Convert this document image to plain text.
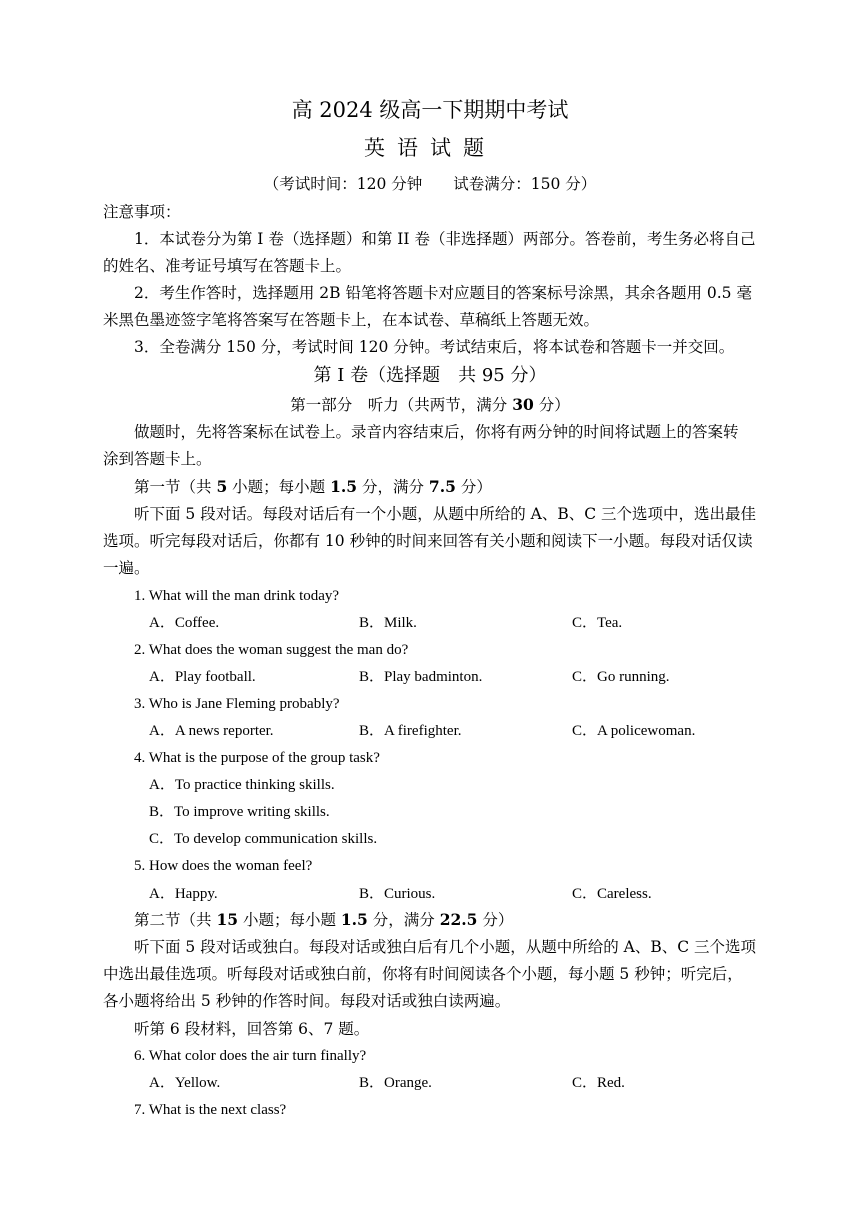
高 2024 级高一下期期中考试
英语试题
（考试时间：120 分钟　　试卷满分：150 分）
注意事项：
1．本试卷分为第 I 卷（选择题）和第 II 卷（非选择题）两部分。答卷前，考生务必将自己
的姓名、准考证号填写在答题卡上。
2．考生作答时，选择题用 2B 铅笔将答题卡对应题目的答案标号涂黑，其余各题用 0.5 毫
米黑色墨迹签字笔将答案写在答题卡上，在本试卷、草稿纸上答题无效。
3．全卷满分 150 分，考试时间 120 分钟。考试结束后，将本试卷和答题卡一并交回。
第 I 卷（选择题　共 95 分）
第一部分　听力（共两节，满分 30 分）
做题时，先将答案标在试卷上。录音内容结束后，你将有两分钟的时间将试题上的答案转
涂到答题卡上。
第一节（共 5 小题；每小题 1.5 分，满分 7.5 分）
听下面 5 段对话。每段对话后有一个小题，从题中所给的 A、B、C 三个选项中，选出最佳
选项。听完每段对话后，你都有 10 秒钟的时间来回答有关小题和阅读下一小题。每段对话仅读
一遍。
1. What will the man drink today?
A．Coffee.	B．Milk.	C．Tea.
2. What does the woman suggest the man do?
A．Play football.	B．Play badminton.	C．Go running.
3. Who is Jane Fleming probably?
A．A news reporter.	B．A firefighter.	C．A policewoman.
4. What is the purpose of the group task?
A．To practice thinking skills.
B．To improve writing skills.
C．To develop communication skills.
5. How does the woman feel?
A．Happy.	B．Curious.	C．Careless.
第二节（共 15 小题；每小题 1.5 分，满分 22.5 分）
听下面 5 段对话或独白。每段对话或独白后有几个小题，从题中所给的 A、B、C 三个选项
中选出最佳选项。听每段对话或独白前，你将有时间阅读各个小题，每小题 5 秒钟；听完后，
各小题将给出 5 秒钟的作答时间。每段对话或独白读两遍。
听第 6 段材料，回答第 6、7 题。
6. What color does the air turn finally?
A．Yellow.	B．Orange.	C．Red.
7. What is the next class?
